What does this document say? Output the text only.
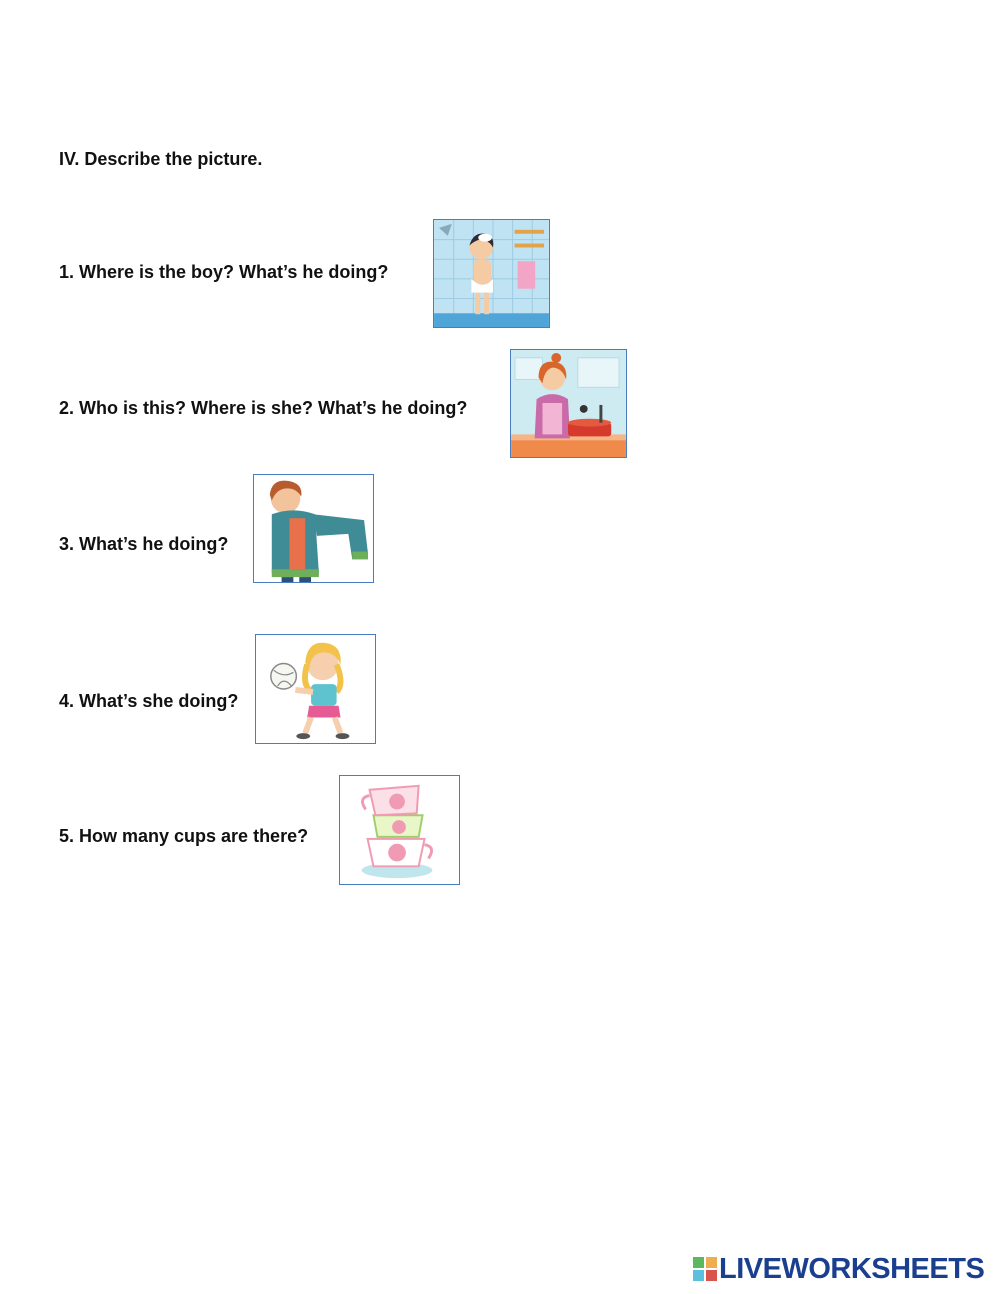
IV. Describe the picture.
1. Where is the boy? What’s he doing?
2. Who is this? Where is she? What’s he doing?
3. What’s he doing?
4. What’s she doing?
5. How many cups are there?
LIVEWORKSHEETS
